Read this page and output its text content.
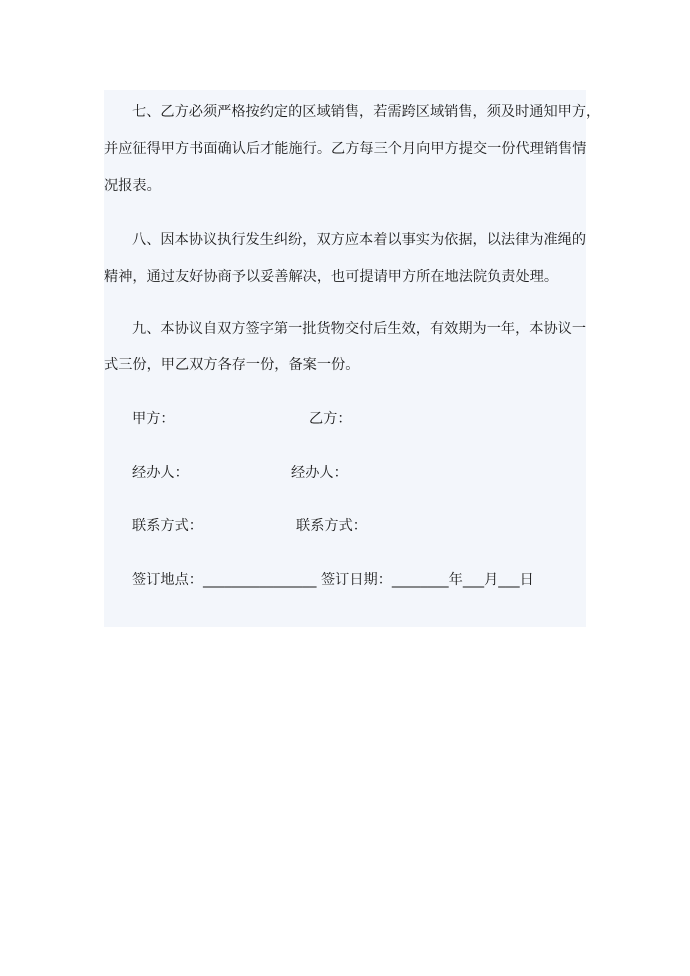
七、乙方必须严格按约定的区域销售，若需跨区域销售，须及时通知甲方，
并应征得甲方书面确认后才能施行。乙方每三个月向甲方提交一份代理销售情
况报表。
八、因本协议执行发生纠纷，双方应本着以事实为依据，以法律为准绳的
精神，通过友好协商予以妥善解决，也可提请甲方所在地法院负责处理。
九、本协议自双方签字第一批货物交付后生效，有效期为一年，本协议一
式三份，甲乙双方各存一份，备案一份。
甲方：	乙方：
经办人：	经办人：
联系方式：	联系方式：
签订地点：________________ 签订日期：________年___月___日
